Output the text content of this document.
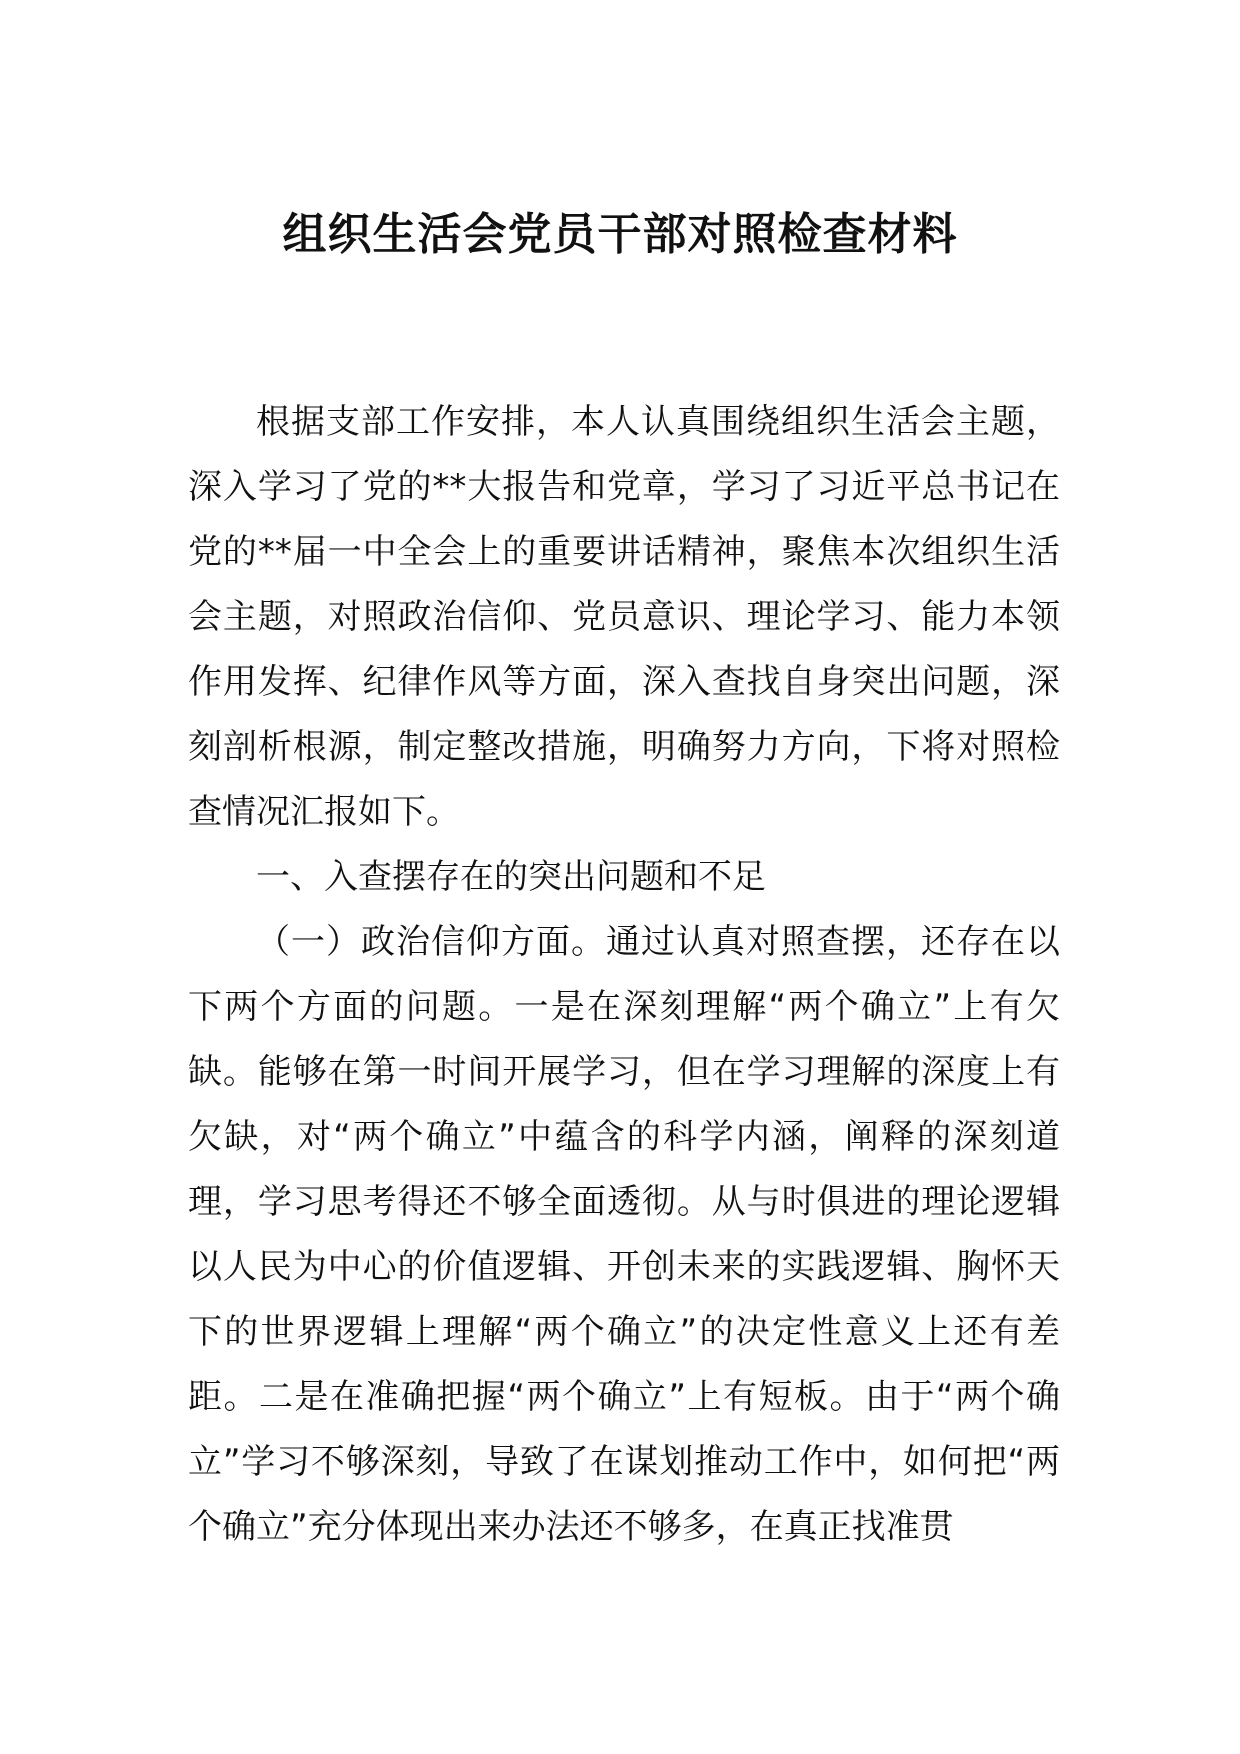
组织生活会党员干部对照检查材料

根据支部工作安排，本人认真围绕组织生活会主题，深入学习了党的**大报告和党章，学习了习近平总书记在党的**届一中全会上的重要讲话精神，聚焦本次组织生活会主题，对照政治信仰、党员意识、理论学习、能力本领作用发挥、纪律作风等方面，深入查找自身突出问题，深刻剖析根源，制定整改措施，明确努力方向，下将对照检查情况汇报如下。

一、入查摆存在的突出问题和不足

（一）政治信仰方面。通过认真对照查摆，还存在以下两个方面的问题。一是在深刻理解“两个确立”上有欠缺。能够在第一时间开展学习，但在学习理解的深度上有欠缺，对“两个确立”中蕴含的科学内涵，阐释的深刻道理，学习思考得还不够全面透彻。从与时俱进的理论逻辑以人民为中心的价值逻辑、开创未来的实践逻辑、胸怀天下的世界逻辑上理解“两个确立”的决定性意义上还有差距。二是在准确把握“两个确立”上有短板。由于“两个确立”学习不够深刻，导致了在谋划推动工作中，如何把“两个确立”充分体现出来办法还不够多，在真正找准贯
